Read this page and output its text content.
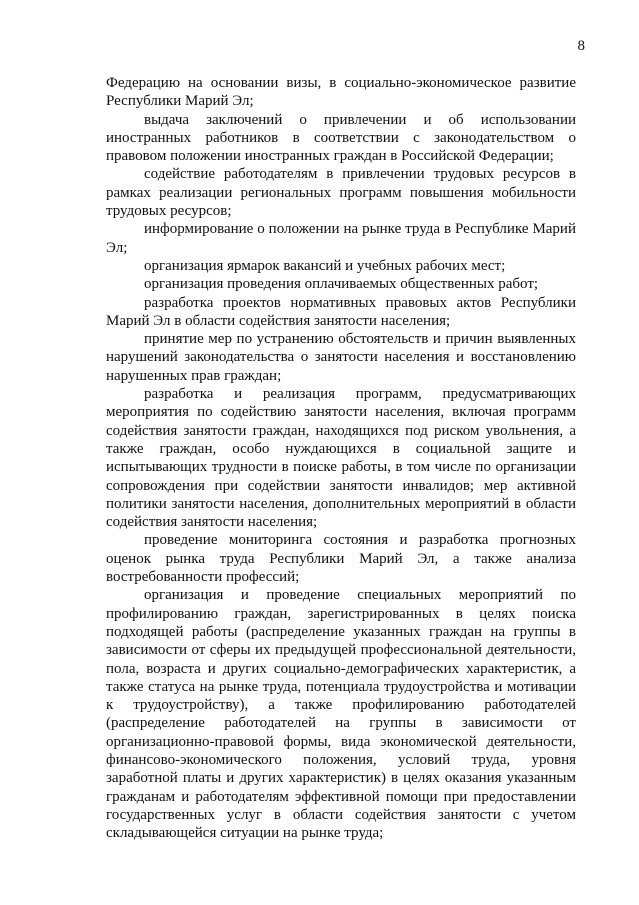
8

Федерацию на основании визы, в социально-экономическое развитие Республики Марий Эл;

выдача заключений о привлечении и об использовании иностранных работников в соответствии с законодательством о правовом положении иностранных граждан в Российской Федерации;

содействие работодателям в привлечении трудовых ресурсов в рамках реализации региональных программ повышения мобильности трудовых ресурсов;

информирование о положении на рынке труда в Республике Марий Эл;

организация ярмарок вакансий и учебных рабочих мест;

организация проведения оплачиваемых общественных работ;

разработка проектов нормативных правовых актов Республики Марий Эл в области содействия занятости населения;

принятие мер по устранению обстоятельств и причин выявленных нарушений законодательства о занятости населения и восстановлению нарушенных прав граждан;

разработка и реализация программ, предусматривающих мероприятия по содействию занятости населения, включая программ содействия занятости граждан, находящихся под риском увольнения, а также граждан, особо нуждающихся в социальной защите и испытывающих трудности в поиске работы, в том числе по организации сопровождения при содействии занятости инвалидов; мер активной политики занятости населения, дополнительных мероприятий в области содействия занятости населения;

проведение мониторинга состояния и разработка прогнозных оценок рынка труда Республики Марий Эл, а также анализа востребованности профессий;

организация и проведение специальных мероприятий по профилированию граждан, зарегистрированных в целях поиска подходящей работы (распределение указанных граждан на группы в зависимости от сферы их предыдущей профессиональной деятельности, пола, возраста и других социально-демографических характеристик, а также статуса на рынке труда, потенциала трудоустройства и мотивации к трудоустройству), а также профилированию работодателей (распределение работодателей на группы в зависимости от организационно-правовой формы, вида экономической деятельности, финансово-экономического положения, условий труда, уровня заработной платы и других характеристик) в целях оказания указанным гражданам и работодателям эффективной помощи при предоставлении государственных услуг в области содействия занятости с учетом складывающейся ситуации на рынке труда;
